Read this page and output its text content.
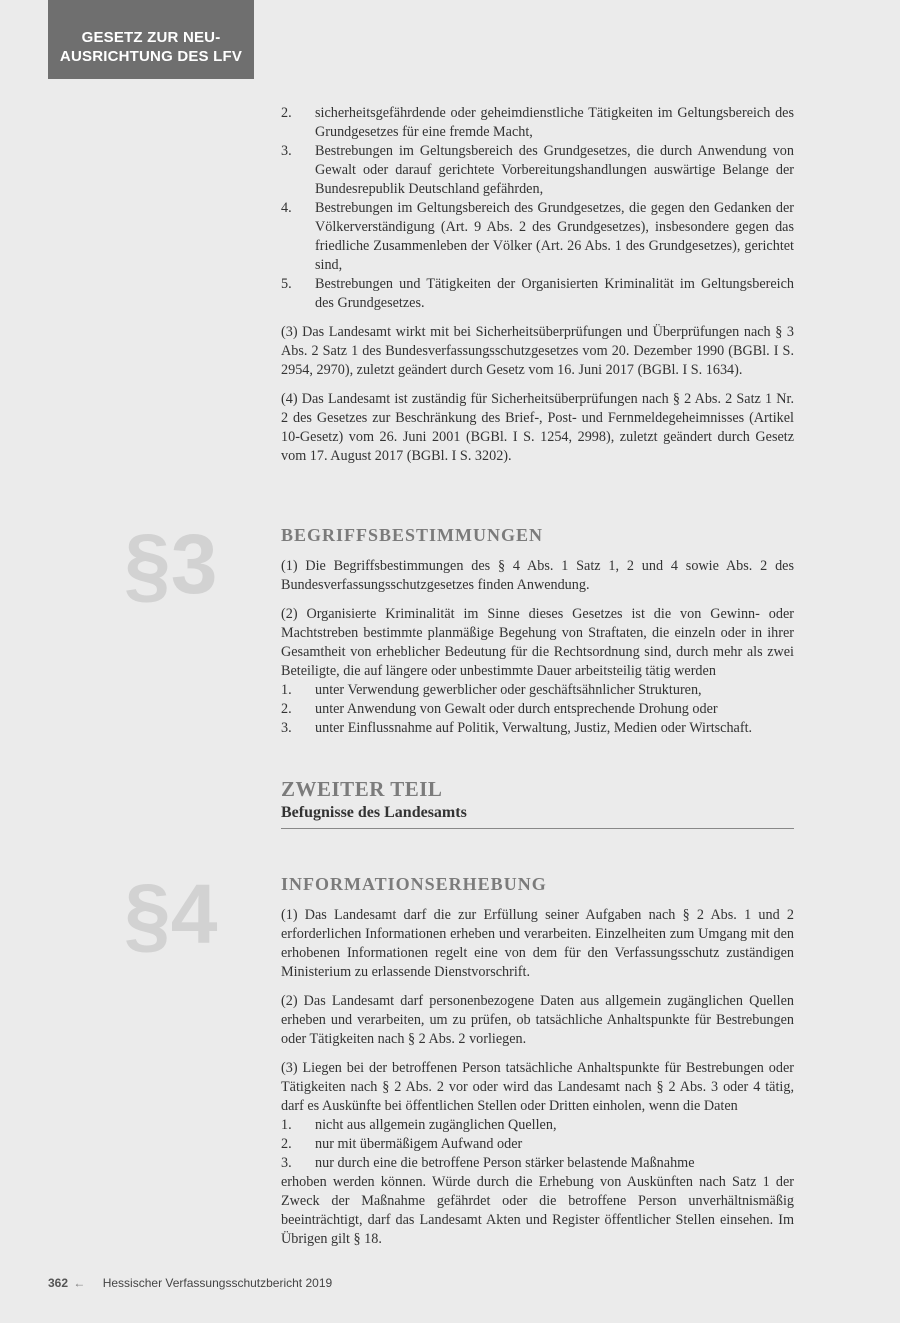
GESETZ ZUR NEU-
AUSRICHTUNG DES LFV
2.	sicherheitsgefährdende oder geheimdienstliche Tätigkeiten im Geltungsbereich des Grundgesetzes für eine fremde Macht,
3.	Bestrebungen im Geltungsbereich des Grundgesetzes, die durch Anwendung von Gewalt oder darauf gerichtete Vorbereitungshandlungen auswärtige Belange der Bundesrepublik Deutschland gefährden,
4.	Bestrebungen im Geltungsbereich des Grundgesetzes, die gegen den Gedanken der Völkerverständigung (Art. 9 Abs. 2 des Grundgesetzes), insbesondere gegen das friedliche Zusammenleben der Völker (Art. 26 Abs. 1 des Grundgesetzes), gerichtet sind,
5.	Bestrebungen und Tätigkeiten der Organisierten Kriminalität im Geltungsbereich des Grundgesetzes.

(3) Das Landesamt wirkt mit bei Sicherheitsüberprüfungen und Überprüfungen nach § 3 Abs. 2 Satz 1 des Bundesverfassungsschutzgesetzes vom 20. Dezember 1990 (BGBl. I S. 2954, 2970), zuletzt geändert durch Gesetz vom 16. Juni 2017 (BGBl. I S. 1634).

(4) Das Landesamt ist zuständig für Sicherheitsüberprüfungen nach § 2 Abs. 2 Satz 1 Nr. 2 des Gesetzes zur Beschränkung des Brief-, Post- und Fernmeldegeheimnisses (Artikel 10-Gesetz) vom 26. Juni 2001 (BGBl. I S. 1254, 2998), zuletzt geändert durch Gesetz vom 17. August 2017 (BGBl. I S. 3202).

§3	BEGRIFFSBESTIMMUNGEN

(1) Die Begriffsbestimmungen des § 4 Abs. 1 Satz 1, 2 und 4 sowie Abs. 2 des Bundesverfassungsschutzgesetzes finden Anwendung.

(2) Organisierte Kriminalität im Sinne dieses Gesetzes ist die von Gewinn- oder Machtstreben bestimmte planmäßige Begehung von Straftaten, die einzeln oder in ihrer Gesamtheit von erheblicher Bedeutung für die Rechtsordnung sind, durch mehr als zwei Beteiligte, die auf längere oder unbestimmte Dauer arbeitsteilig tätig werden

1.	unter Verwendung gewerblicher oder geschäftsähnlicher Strukturen,
2.	unter Anwendung von Gewalt oder durch entsprechende Drohung oder
3.	unter Einflussnahme auf Politik, Verwaltung, Justiz, Medien oder Wirtschaft.
ZWEITER TEIL
Befugnisse des Landesamts
§4	INFORMATIONSERHEBUNG

(1) Das Landesamt darf die zur Erfüllung seiner Aufgaben nach § 2 Abs. 1 und 2 erforderlichen Informationen erheben und verarbeiten. Einzelheiten zum Umgang mit den erhobenen Informationen regelt eine von dem für den Verfassungsschutz zuständigen Ministerium zu erlassende Dienstvorschrift.

(2) Das Landesamt darf personenbezogene Daten aus allgemein zugänglichen Quellen erheben und verarbeiten, um zu prüfen, ob tatsächliche Anhaltspunkte für Bestrebungen oder Tätigkeiten nach § 2 Abs. 2 vorliegen.

(3) Liegen bei der betroffenen Person tatsächliche Anhaltspunkte für Bestrebungen oder Tätigkeiten nach § 2 Abs. 2 vor oder wird das Landesamt nach § 2 Abs. 3 oder 4 tätig, darf es Auskünfte bei öffentlichen Stellen oder Dritten einholen, wenn die Daten

1.	nicht aus allgemein zugänglichen Quellen,
2.	nur mit übermäßigem Aufwand oder
3.	nur durch eine die betroffene Person stärker belastende Maßnahme

erhoben werden können. Würde durch die Erhebung von Auskünften nach Satz 1 der Zweck der Maßnahme gefährdet oder die betroffene Person unverhältnismäßig beeinträchtigt, darf das Landesamt Akten und Register öffentlicher Stellen einsehen. Im Übrigen gilt § 18.

362 ← Hessischer Verfassungsschutzbericht 2019
